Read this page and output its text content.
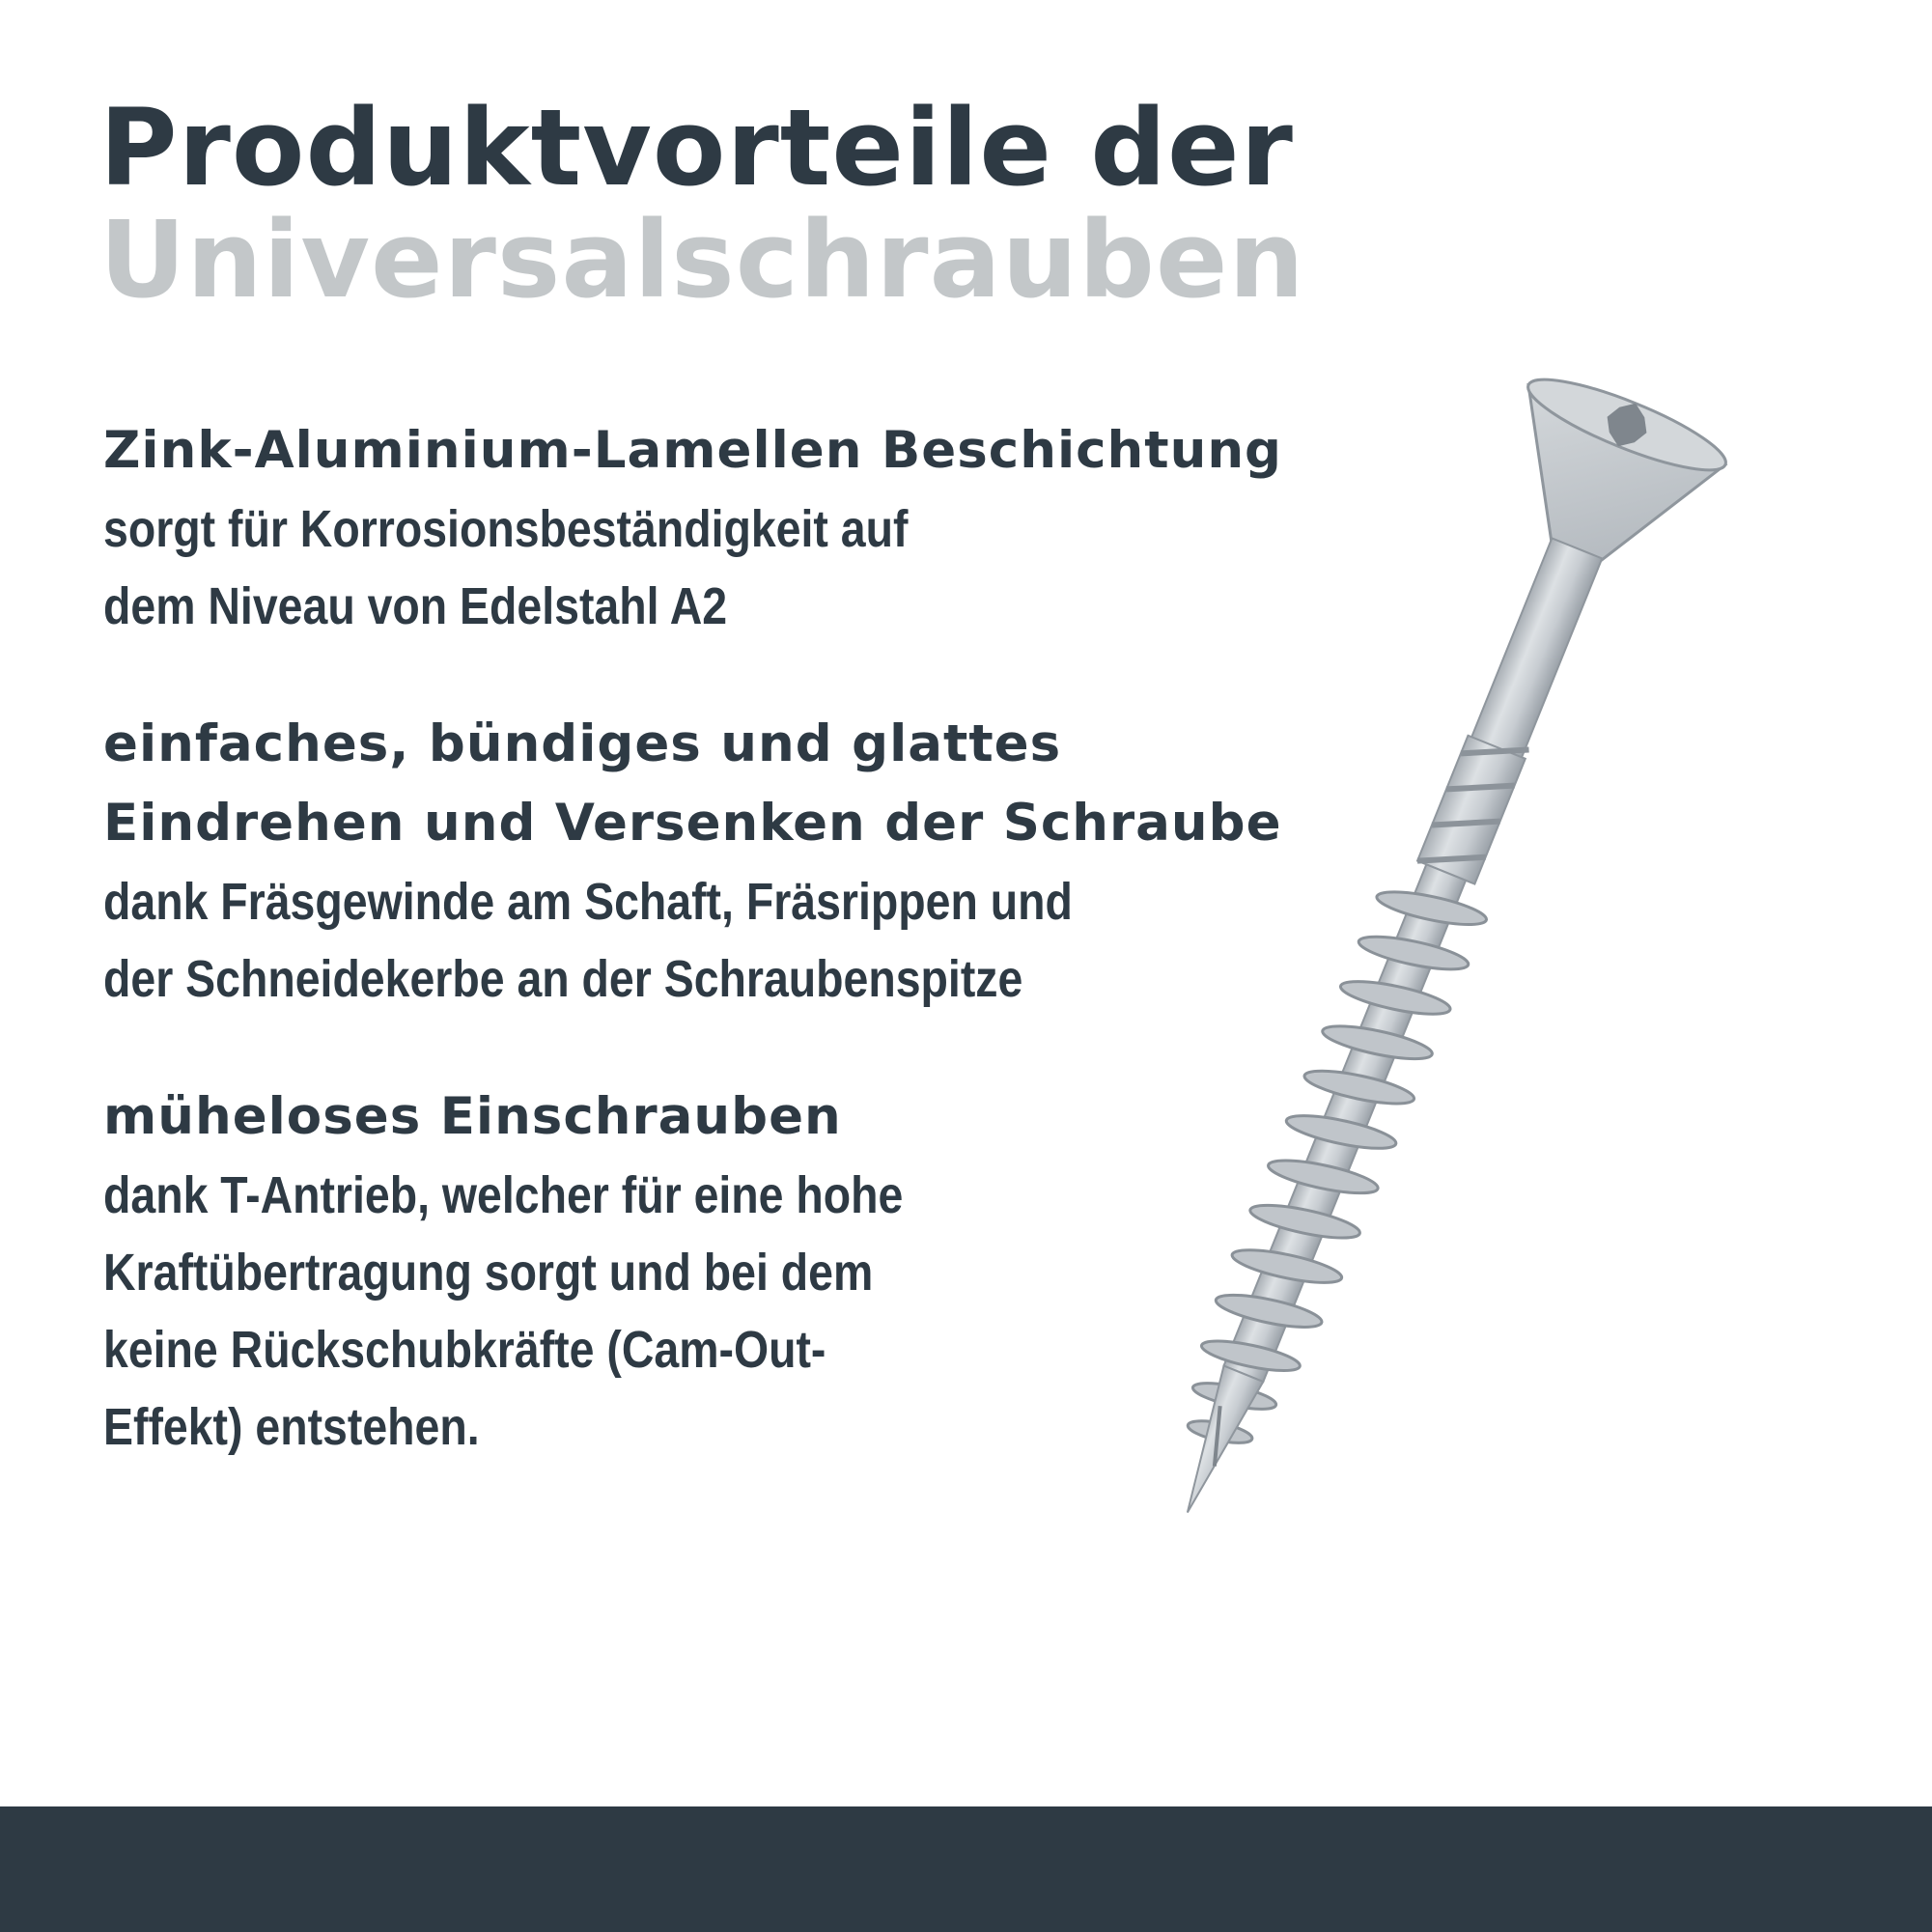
Produktvorteile der
Universalschrauben
Zink-Aluminium-Lamellen Beschichtung
sorgt für Korrosionsbeständigkeit auf
dem Niveau von Edelstahl A2
einfaches, bündiges und glattes
Eindrehen und Versenken der Schraube
dank Fräsgewinde am Schaft, Fräsrippen und
der Schneidekerbe an der Schraubenspitze
müheloses Einschrauben
dank T-Antrieb, welcher für eine hohe
Kraftübertragung sorgt und bei dem
keine Rückschubkräfte (Cam-Out-
Effekt) entstehen.
